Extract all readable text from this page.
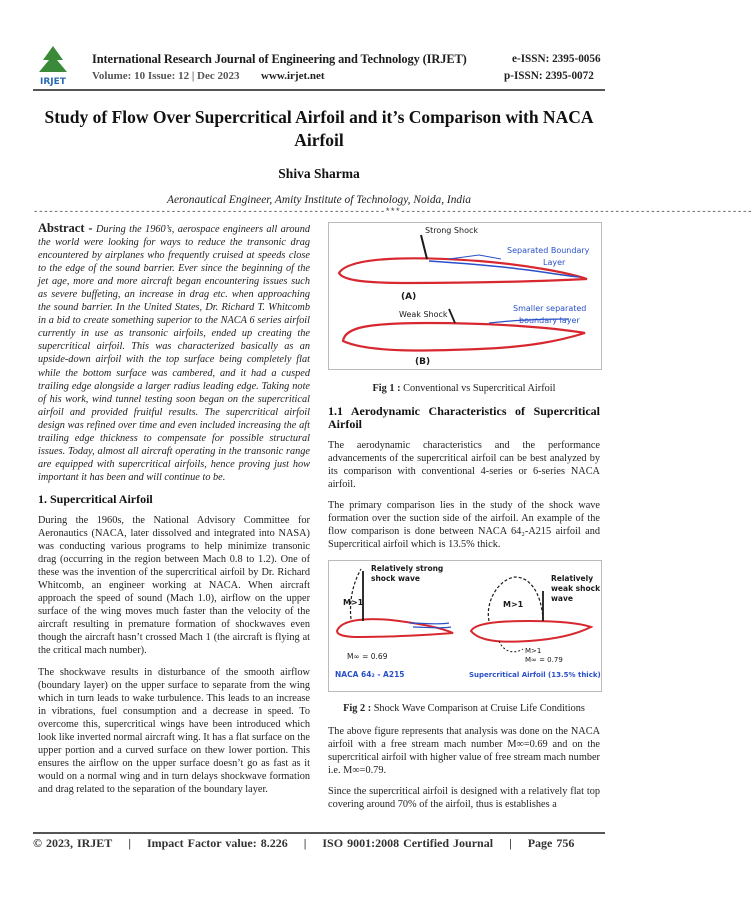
IRJET
International Research Journal of Engineering and Technology (IRJET)	e-ISSN: 2395-0056
Volume: 10 Issue: 12 | Dec 2023 www.irjet.net	p-ISSN: 2395-0072
Study of Flow Over Supercritical Airfoil and it’s Comparison with NACA Airfoil
Shiva Sharma
Aeronautical Engineer, Amity Institute of Technology, Noida, India
---------------------------------------------------------------------***---------------------------------------------------------------------

Abstract - During the 1960’s, aerospace engineers all around the world were looking for ways to reduce the transonic drag encountered by airplanes who frequently cruised at speeds close to the edge of the sound barrier. Ever since the beginning of the jet age, more and more aircraft began encountering issues such as severe buffeting, an increase in drag etc. when approaching the sound barrier. In the United States, Dr. Richard T. Whitcomb in a bid to create something superior to the NACA 6 series airfoil currently in use as transonic airfoils, ended up creating the supercritical airfoil. This was characterized basically as an upside-down airfoil with the top surface being completely flat while the bottom surface was cambered, and it had a cusped trailing edge alongside a larger radius leading edge. Taking note of his work, wind tunnel testing soon began on the supercritical airfoil and provided fruitful results. The supercritical airfoil design was refined over time and even included increasing the aft trailing edge thickness to compensate for possible structural issues. Today, almost all aircraft operating in the transonic range are equipped with supercritical airfoils, hence proving just how important it has been and will continue to be.

1. Supercritical Airfoil

During the 1960s, the National Advisory Committee for Aeronautics (NACA, later dissolved and integrated into NASA) was conducting various programs to help minimize transonic drag (occurring in the region between Mach 0.8 to 1.2). One of these was the invention of the supercritical airfoil by Dr. Richard Whitcomb, an engineer working at NACA. When aircraft approach the speed of sound (Mach 1.0), airflow on the upper surface of the wing moves much faster than the velocity of the aircraft resulting in premature formation of shockwaves even though the aircraft hasn’t crossed Mach 1 (the aircraft is flying at the critical mach number).

The shockwave results in disturbance of the smooth airflow (boundary layer) on the upper surface to separate from the wing which in turn leads to wake turbulence. This leads to an increase in vibrations, fuel consumption and a decrease in speed. To overcome this, supercritical wings have been introduced which look like inverted normal aircraft wing. It has a flat surface on the upper portion and a curved surface on thew lower portion. This ensures the airflow on the upper surface doesn’t go as fast as it would on a normal wing and in turn delays shockwave formation and drag related to the separation of the boundary layer.

Strong Shock
Separated Boundary
Layer
(A)
Weak Shock
Smaller separated
boundary layer
(B)

Fig 1 : Conventional vs Supercritical Airfoil

1.1 Aerodynamic Characteristics of Supercritical Airfoil

The aerodynamic characteristics and the performance advancements of the supercritical airfoil can be best analyzed by its comparison with conventional 4-series or 6-series NACA airfoil.

The primary comparison lies in the study of the shock wave formation over the suction side of the airfoil. An example of the flow comparison is done between NACA 64₂-A215 airfoil and Supercritical airfoil which is 13.5% thick.

Relatively strong
shock wave
M>1
M∞ = 0.69
NACA 64₂ - A215
Relatively
weak shock
wave
M>1
M>1
M∞ = 0.79
Supercritical Airfoil (13.5% thick)

Fig 2 : Shock Wave Comparison at Cruise Life Conditions

The above figure represents that analysis was done on the NACA airfoil with a free stream mach number M∞=0.69 and on the supercritical airfoil with higher value of free stream mach number i.e. M∞=0.79.

Since the supercritical airfoil is designed with a relatively flat top covering around 70% of the airfoil, thus is establishes a

© 2023, IRJET | Impact Factor value: 8.226 | ISO 9001:2008 Certified Journal | Page 756
